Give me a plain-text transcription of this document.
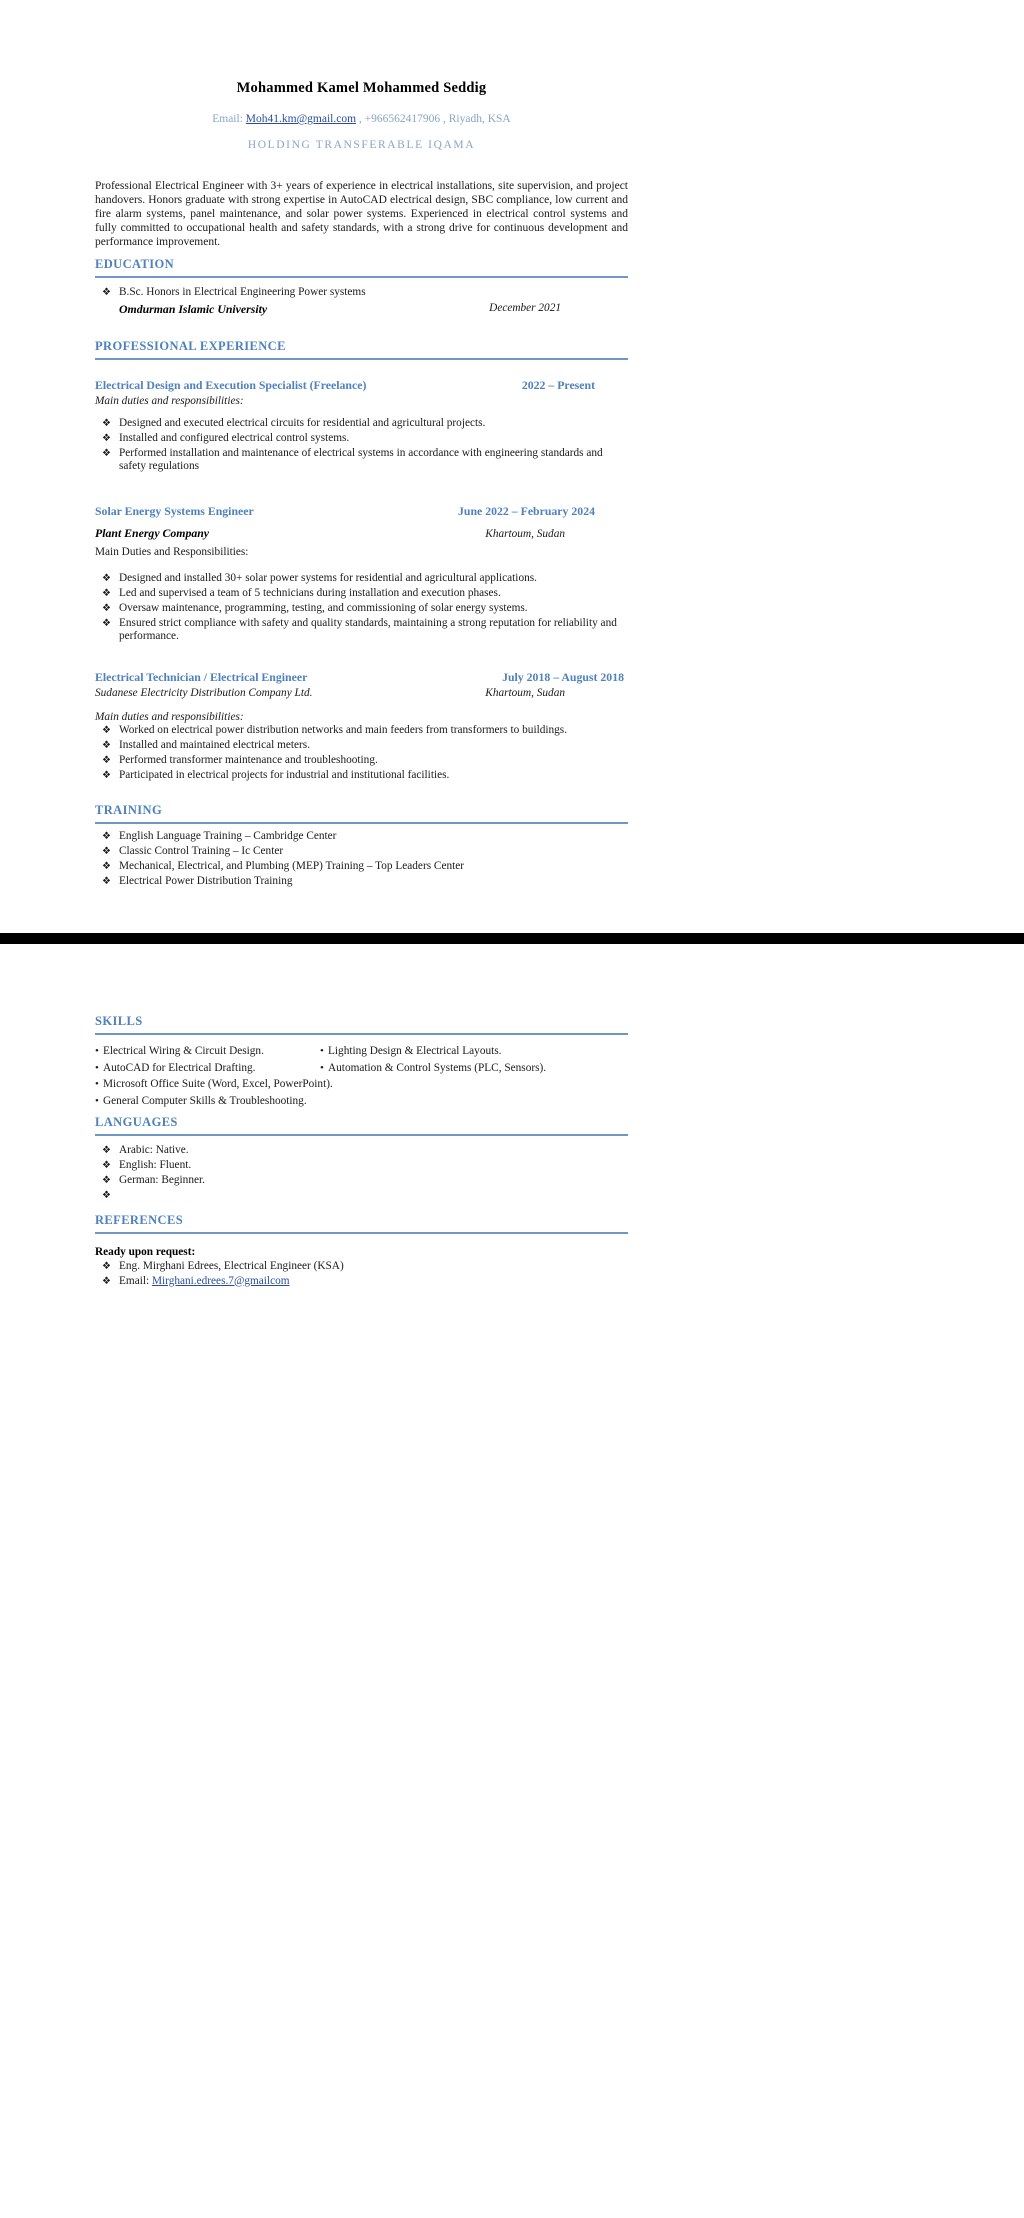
Mohammed Kamel Mohammed Seddig
Email: Moh41.km@gmail.com , +966562417906 , Riyadh, KSA
HOLDING TRANSFERABLE IQAMA

Professional Electrical Engineer with 3+ years of experience in electrical installations, site supervision, and project handovers. Honors graduate with strong expertise in AutoCAD electrical design, SBC compliance, low current and fire alarm systems, panel maintenance, and solar power systems. Experienced in electrical control systems and fully committed to occupational health and safety standards, with a strong drive for continuous development and performance improvement.

EDUCATION
❖ B.Sc. Honors in Electrical Engineering Power systems
Omdurman Islamic University	December 2021
PROFESSIONAL EXPERIENCE
Electrical Design and Execution Specialist (Freelance)	2022 – Present
Main duties and responsibilities:
❖ Designed and executed electrical circuits for residential and agricultural projects.
❖ Installed and configured electrical control systems.
❖ Performed installation and maintenance of electrical systems in accordance with engineering standards and safety regulations
Solar Energy Systems Engineer	June 2022 – February 2024
Plant Energy Company	Khartoum, Sudan
Main Duties and Responsibilities:
❖ Designed and installed 30+ solar power systems for residential and agricultural applications.
❖ Led and supervised a team of 5 technicians during installation and execution phases.
❖ Oversaw maintenance, programming, testing, and commissioning of solar energy systems.
❖ Ensured strict compliance with safety and quality standards, maintaining a strong reputation for reliability and performance.
Electrical Technician / Electrical Engineer	July 2018 – August 2018
Sudanese Electricity Distribution Company Ltd.	Khartoum, Sudan
Main duties and responsibilities:
❖ Worked on electrical power distribution networks and main feeders from transformers to buildings.
❖ Installed and maintained electrical meters.
❖ Performed transformer maintenance and troubleshooting.
❖ Participated in electrical projects for industrial and institutional facilities.
TRAINING
❖ English Language Training – Cambridge Center
❖ Classic Control Training – Ic Center
❖ Mechanical, Electrical, and Plumbing (MEP) Training – Top Leaders Center
❖ Electrical Power Distribution Training
SKILLS
• Electrical Wiring & Circuit Design.	• Lighting Design & Electrical Layouts.
• AutoCAD for Electrical Drafting.	• Automation & Control Systems (PLC, Sensors).
• Microsoft Office Suite (Word, Excel, PowerPoint).
• General Computer Skills & Troubleshooting.
LANGUAGES
❖ Arabic: Native.
❖ English: Fluent.
❖ German: Beginner.
❖
REFERENCES
Ready upon request:
❖ Eng. Mirghani Edrees, Electrical Engineer (KSA)
❖ Email: Mirghani.edrees.7@gmailcom
